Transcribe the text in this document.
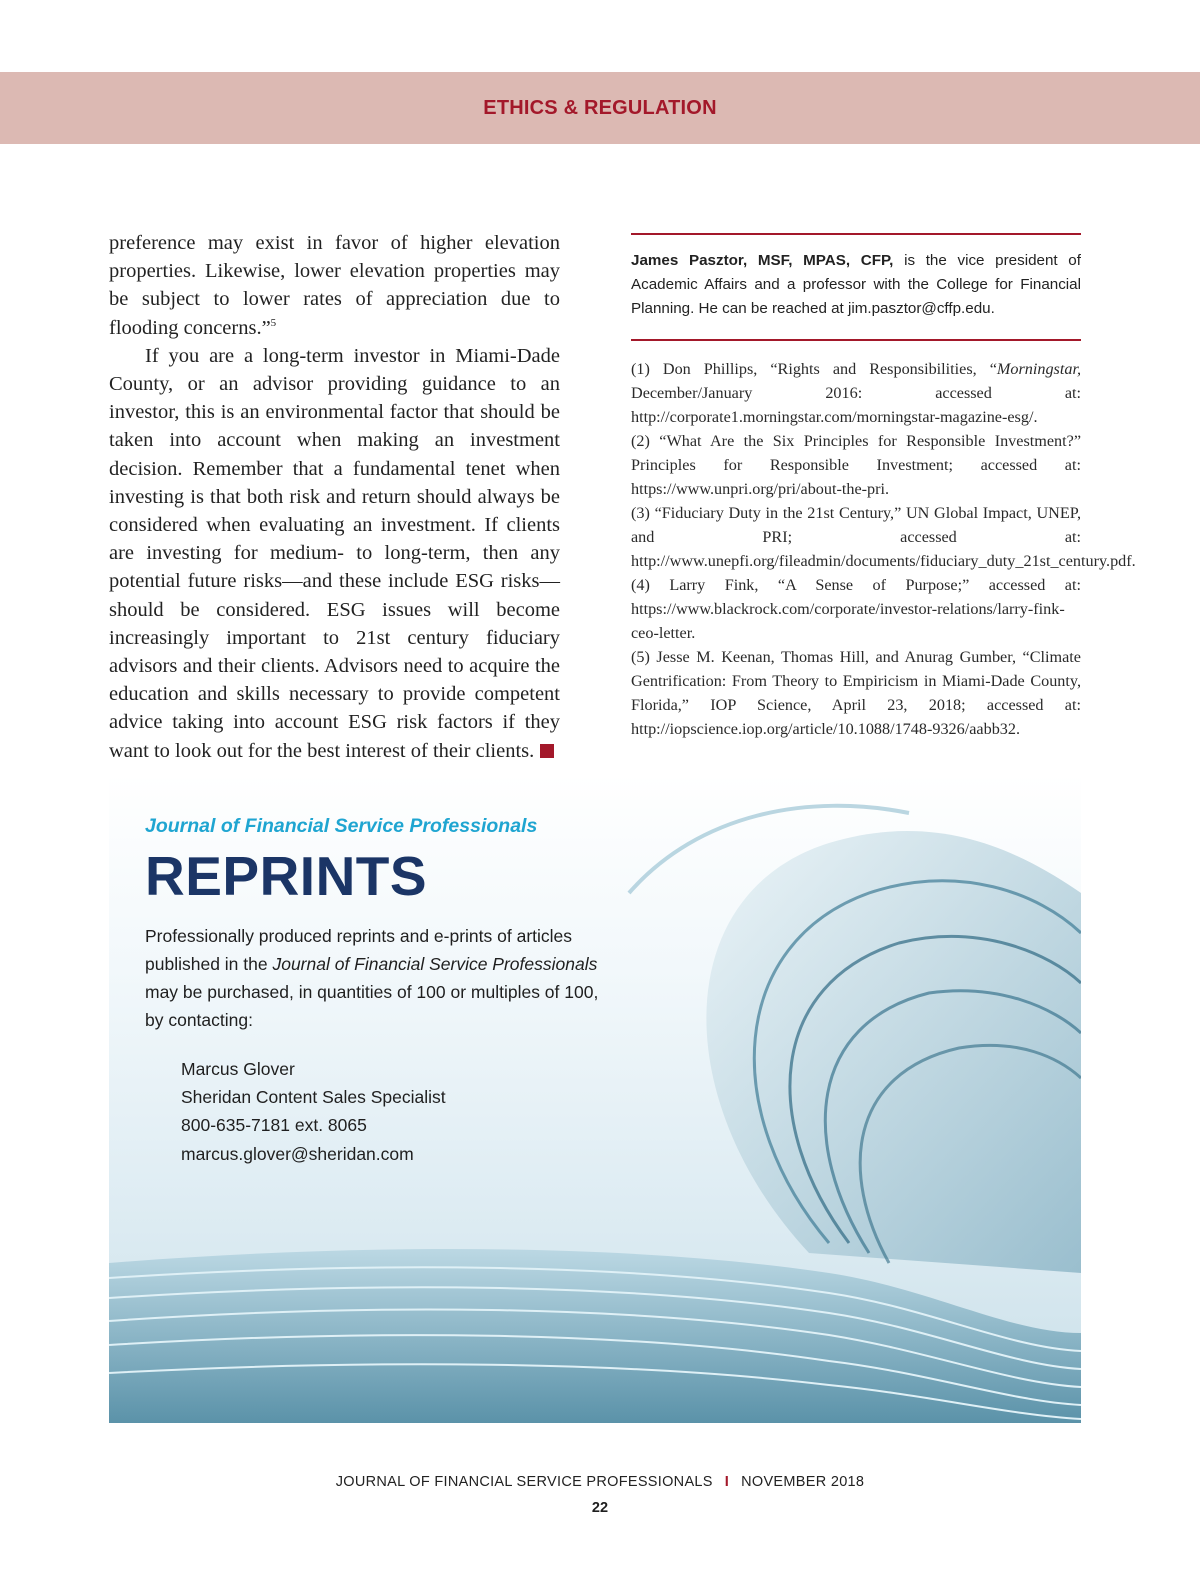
ETHICS & REGULATION

preference may exist in favor of higher elevation properties. Likewise, lower elevation properties may be subject to lower rates of appreciation due to flooding concerns.”$^5$

If you are a long-term investor in Miami-Dade County, or an advisor providing guidance to an investor, this is an environmental factor that should be taken into account when making an investment decision. Remember that a fundamental tenet when investing is that both risk and return should always be considered when evaluating an investment. If clients are investing for medium- to long-term, then any potential future risks—and these include ESG risks—should be considered. ESG issues will become increasingly important to 21st century fiduciary advisors and their clients. Advisors need to acquire the education and skills necessary to provide competent advice taking into account ESG risk factors if they want to look out for the best interest of their clients.

James Pasztor, MSF, MPAS, CFP, is the vice president of Academic Affairs and a professor with the College for Financial Planning. He can be reached at jim.pasztor@cffp.edu.

(1) Don Phillips, “Rights and Responsibilities, “Morningstar, December/January 2016: accessed at: http://corporate1.morningstar.com/morningstar-magazine-esg/.

(2) “What Are the Six Principles for Responsible Investment?” Principles for Responsible Investment; accessed at: https://www.unpri.org/pri/about-the-pri.

(3) “Fiduciary Duty in the 21st Century,” UN Global Impact, UNEP, and PRI; accessed at: http://www.unepfi.org/fileadmin/documents/fiduciary_duty_21st_century.pdf.

(4) Larry Fink, “A Sense of Purpose;” accessed at: https://www.blackrock.com/corporate/investor-relations/larry-fink-ceo-letter.

(5) Jesse M. Keenan, Thomas Hill, and Anurag Gumber, “Climate Gentrification: From Theory to Empiricism in Miami-Dade County, Florida,” IOP Science, April 23, 2018; accessed at: http://iopscience.iop.org/article/10.1088/1748-9326/aabb32.

Journal of Financial Service Professionals
REPRINTS
Professionally produced reprints and e-prints of articles published in the Journal of Financial Service Professionals may be purchased, in quantities of 100 or multiples of 100, by contacting:
Marcus Glover
Sheridan Content Sales Specialist
800-635-7181 ext. 8065
marcus.glover@sheridan.com
JOURNAL OF FINANCIAL SERVICE PROFESSIONALS I NOVEMBER 2018
22
